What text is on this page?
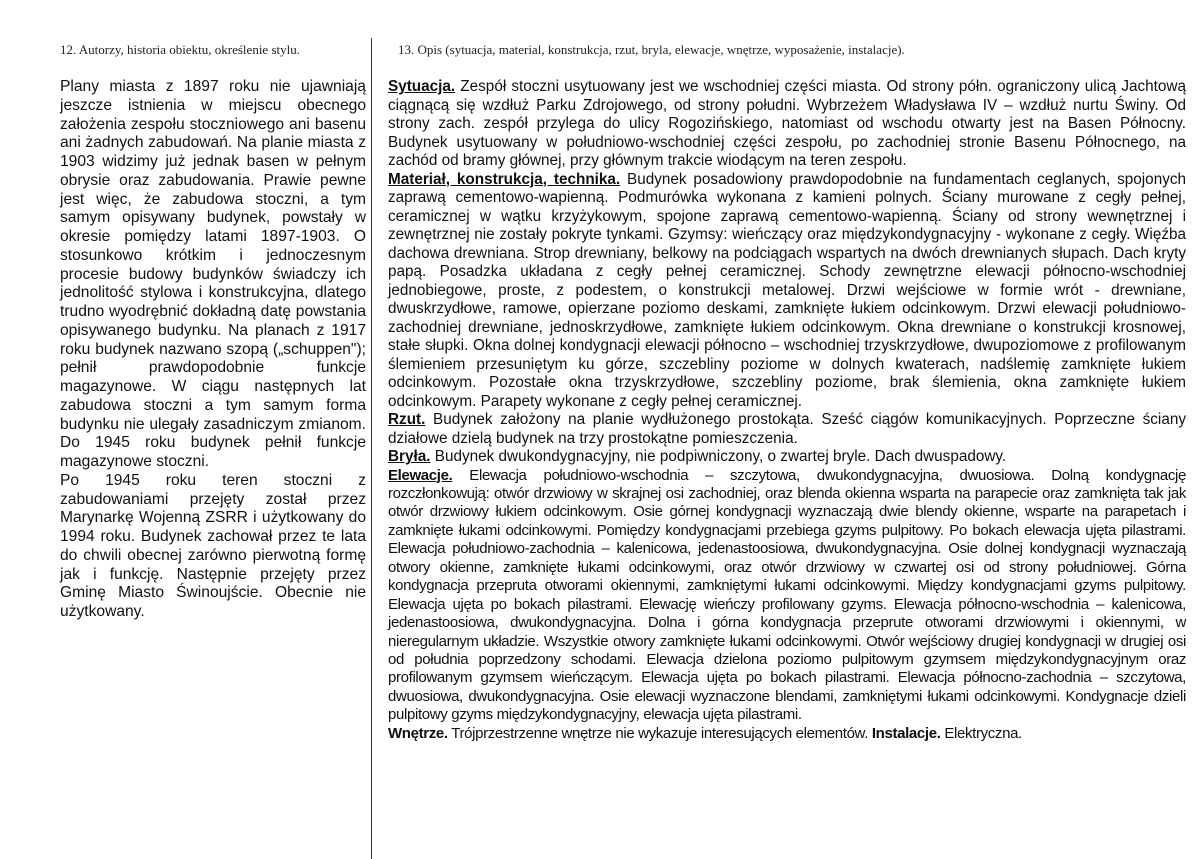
12. Autorzy, historia obiektu, określenie stylu.	13. Opis (sytuacja, material, konstrukcja, rzut, bryla, elewacje, wnętrze, wyposażenie, instalacje).

Plany miasta z 1897 roku nie ujawniają jeszcze istnienia w miejscu obecnego założenia zespołu stoczniowego ani basenu ani żadnych zabudowań. Na planie miasta z 1903 widzimy już jednak basen w pełnym obrysie oraz zabudowania. Prawie pewne jest więc, że zabudowa stoczni, a tym samym opisywany budynek, powstały w okresie pomiędzy latami 1897-1903. O stosunkowo krótkim i jednoczesnym procesie budowy budynków świadczy ich jednolitość stylowa i konstrukcyjna, dlatego trudno wyodrębnić dokładną datę powstania opisywanego budynku. Na planach z 1917 roku budynek nazwano szopą („schuppen"); pełnił prawdopodobnie funkcje magazynowe. W ciągu następnych lat zabudowa stoczni a tym samym forma budynku nie ulegały zasadniczym zmianom. Do 1945 roku budynek pełnił funkcje magazynowe stoczni.

Po 1945 roku teren stoczni z zabudowaniami przejęty został przez Marynarkę Wojenną ZSRR i użytkowany do 1994 roku. Budynek zachował przez te lata do chwili obecnej zarówno pierwotną formę jak i funkcję. Następnie przejęty przez Gminę Miasto Świnoujście. Obecnie nie użytkowany.

Sytuacja. Zespół stoczni usytuowany jest we wschodniej części miasta. Od strony półn. ograniczony ulicą Jachtową ciągnącą się wzdłuż Parku Zdrojowego, od strony południ. Wybrzeżem Władysława IV – wzdłuż nurtu Świny. Od strony zach. zespół przylega do ulicy Rogozińskiego, natomiast od wschodu otwarty jest na Basen Północny. Budynek usytuowany w południowo-wschodniej części zespołu, po zachodniej stronie Basenu Północnego, na zachód od bramy głównej, przy głównym trakcie wiodącym na teren zespołu.

Materiał, konstrukcja, technika. Budynek posadowiony prawdopodobnie na fundamentach ceglanych, spojonych zaprawą cementowo-wapienną. Podmurówka wykonana z kamieni polnych. Ściany murowane z cegły pełnej, ceramicznej w wątku krzyżykowym, spojone zaprawą cementowo-wapienną. Ściany od strony wewnętrznej i zewnętrznej nie zostały pokryte tynkami. Gzymsy: wieńczący oraz międzykondygnacyjny - wykonane z cegły. Więźba dachowa drewniana. Strop drewniany, belkowy na podciągach wspartych na dwóch drewnianych słupach. Dach kryty papą. Posadzka układana z cegły pełnej ceramicznej. Schody zewnętrzne elewacji północno-wschodniej jednobiegowe, proste, z podestem, o konstrukcji metalowej. Drzwi wejściowe w formie wrót - drewniane, dwuskrzydłowe, ramowe, opierzane poziomo deskami, zamknięte łukiem odcinkowym. Drzwi elewacji południowo-zachodniej drewniane, jednoskrzydłowe, zamknięte łukiem odcinkowym. Okna drewniane o konstrukcji krosnowej, stałe słupki. Okna dolnej kondygnacji elewacji północno – wschodniej trzyskrzydłowe, dwupoziomowe z profilowanym ślemieniem przesuniętym ku górze, szczebliny poziome w dolnych kwaterach, nadślemię zamknięte łukiem odcinkowym. Pozostałe okna trzyskrzydłowe, szczebliny poziome, brak ślemienia, okna zamknięte łukiem odcinkowym. Parapety wykonane z cegły pełnej ceramicznej.

Rzut. Budynek założony na planie wydłużonego prostokąta. Sześć ciągów komunikacyjnych. Poprzeczne ściany działowe dzielą budynek na trzy prostokątne pomieszczenia.

Bryła. Budynek dwukondygnacyjny, nie podpiwniczony, o zwartej bryle. Dach dwuspadowy.

Elewacje. Elewacja południowo-wschodnia – szczytowa, dwukondygnacyjna, dwuosiowa. Dolną kondygnację rozczłonkowują: otwór drzwiowy w skrajnej osi zachodniej, oraz blenda okienna wsparta na parapecie oraz zamknięta tak jak otwór drzwiowy łukiem odcinkowym. Osie górnej kondygnacji wyznaczają dwie blendy okienne, wsparte na parapetach i zamknięte łukami odcinkowymi. Pomiędzy kondygnacjami przebiega gzyms pulpitowy. Po bokach elewacja ujęta pilastrami. Elewacja południowo-zachodnia – kalenicowa, jedenastoosiowa, dwukondygnacyjna. Osie dolnej kondygnacji wyznaczają otwory okienne, zamknięte łukami odcinkowymi, oraz otwór drzwiowy w czwartej osi od strony południowej. Górna kondygnacja przepruta otworami okiennymi, zamkniętymi łukami odcinkowymi. Między kondygnacjami gzyms pulpitowy. Elewacja ujęta po bokach pilastrami. Elewację wieńczy profilowany gzyms. Elewacja północno-wschodnia – kalenicowa, jedenastoosiowa, dwukondygnacyjna. Dolna i górna kondygnacja przeprute otworami drzwiowymi i okiennymi, w nieregularnym układzie. Wszystkie otwory zamknięte łukami odcinkowymi. Otwór wejściowy drugiej kondygnacji w drugiej osi od południa poprzedzony schodami. Elewacja dzielona poziomo pulpitowym gzymsem międzykondygnacyjnym oraz profilowanym gzymsem wieńczącym. Elewacja ujęta po bokach pilastrami. Elewacja północno-zachodnia – szczytowa, dwuosiowa, dwukondygnacyjna. Osie elewacji wyznaczone blendami, zamkniętymi łukami odcinkowymi. Kondygnacje dzieli pulpitowy gzyms międzykondygnacyjny, elewacja ujęta pilastrami.

Wnętrze. Trójprzestrzenne wnętrze nie wykazuje interesujących elementów. Instalacje. Elektryczna.
